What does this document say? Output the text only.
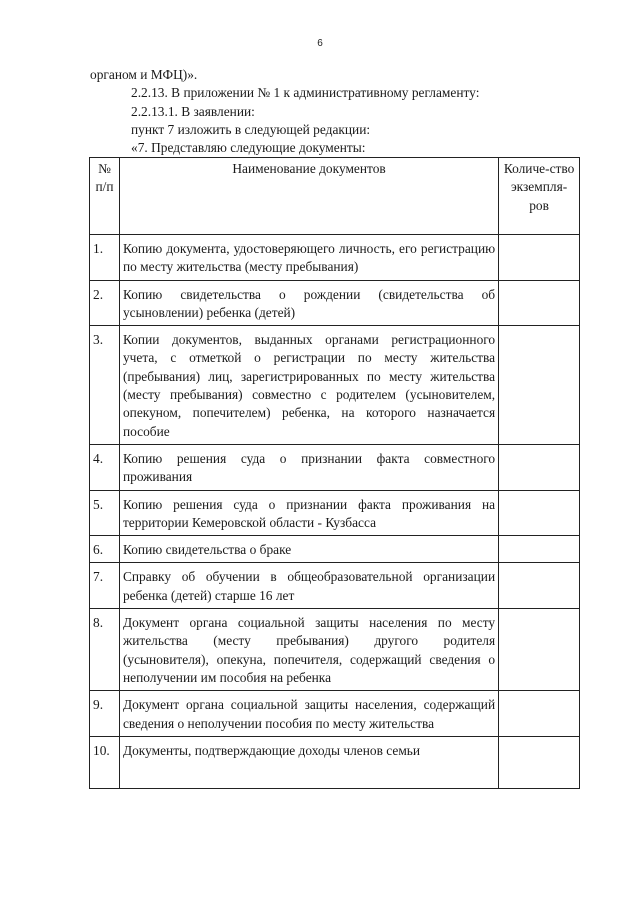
6
органом и МФЦ)».
2.2.13. В приложении № 1 к административному регламенту:
2.2.13.1. В заявлении:
пункт 7 изложить в следующей редакции:
«7. Представляю следующие документы:
№ п/п	Наименование документов	Количе-ство экземпля-ров
1.	Копию документа, удостоверяющего личность, его регистрацию по месту жительства (месту пребывания)	
2.	Копию свидетельства о рождении (свидетельства об усыновлении) ребенка (детей)	
3.	Копии документов, выданных органами регистрационного учета, с отметкой о регистрации по месту жительства (пребывания) лиц, зарегистрированных по месту жительства (месту пребывания) совместно с родителем (усыновителем, опекуном, попечителем) ребенка, на которого назначается пособие	
4.	Копию решения суда о признании факта совместного проживания	
5.	Копию решения суда о признании факта проживания на территории Кемеровской области - Кузбасса	
6.	Копию свидетельства о браке	
7.	Справку об обучении в общеобразовательной организации ребенка (детей) старше 16 лет	
8.	Документ органа социальной защиты населения по месту жительства (месту пребывания) другого родителя (усыновителя), опекуна, попечителя, содержащий сведения о неполучении им пособия на ребенка	
9.	Документ органа социальной защиты населения, содержащий сведения о неполучении пособия по месту жительства	
10.	Документы, подтверждающие доходы членов семьи	
